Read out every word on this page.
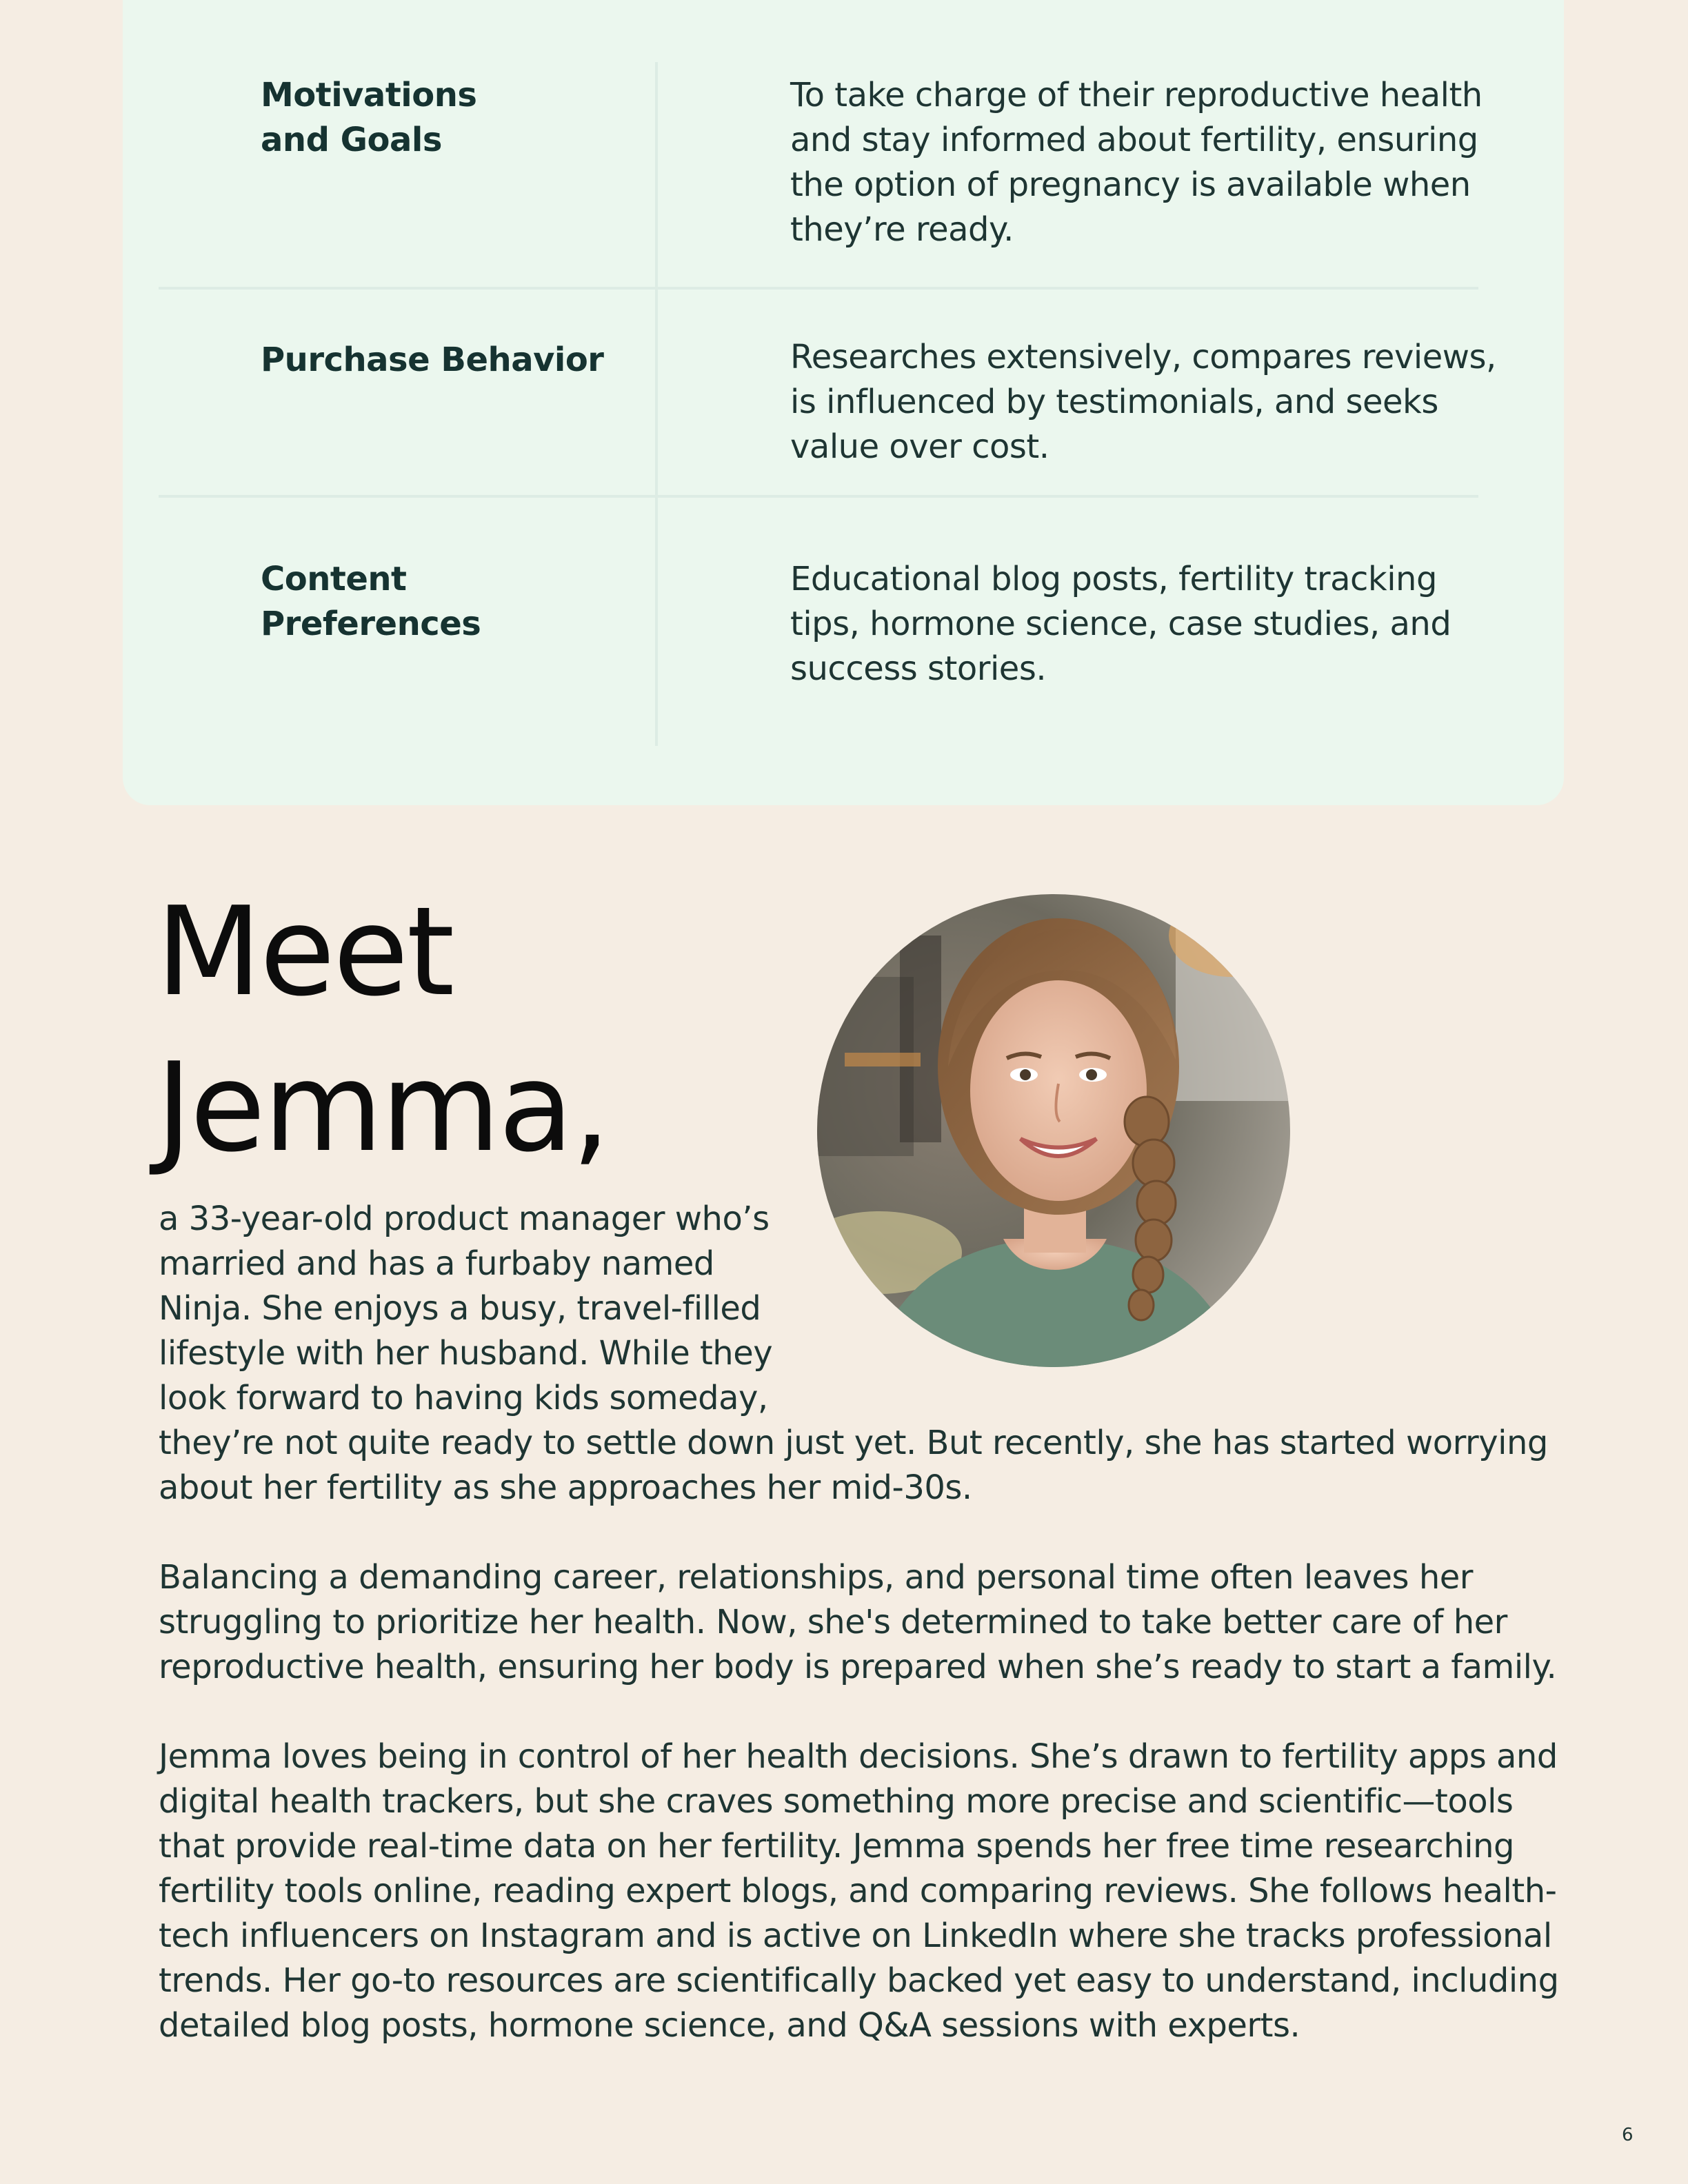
Motivations
and Goals
To take charge of their reproductive health
and stay informed about fertility, ensuring
the option of pregnancy is available when
they’re ready.
Purchase Behavior	Researches extensively, compares reviews,
is influenced by testimonials, and seeks
value over cost.
Content Preferences
Educational blog posts, fertility tracking
tips, hormone science, case studies, and
success stories.
Meet
Jemma,
a 33-year-old product manager who’s
married and has a furbaby named
Ninja. She enjoys a busy, travel-filled
lifestyle with her husband. While they
look forward to having kids someday,
they’re not quite ready to settle down just yet. But recently, she has started worrying
about her fertility as she approaches her mid-30s.
Balancing a demanding career, relationships, and personal time often leaves her
struggling to prioritize her health. Now, she's determined to take better care of her
reproductive health, ensuring her body is prepared when she’s ready to start a family.
Jemma loves being in control of her health decisions. She’s drawn to fertility apps and
digital health trackers, but she craves something more precise and scientific—tools
that provide real-time data on her fertility. Jemma spends her free time researching
fertility tools online, reading expert blogs, and comparing reviews. She follows health-
tech influencers on Instagram and is active on LinkedIn where she tracks professional
trends. Her go-to resources are scientifically backed yet easy to understand, including
detailed blog posts, hormone science, and Q&A sessions with experts.
6
